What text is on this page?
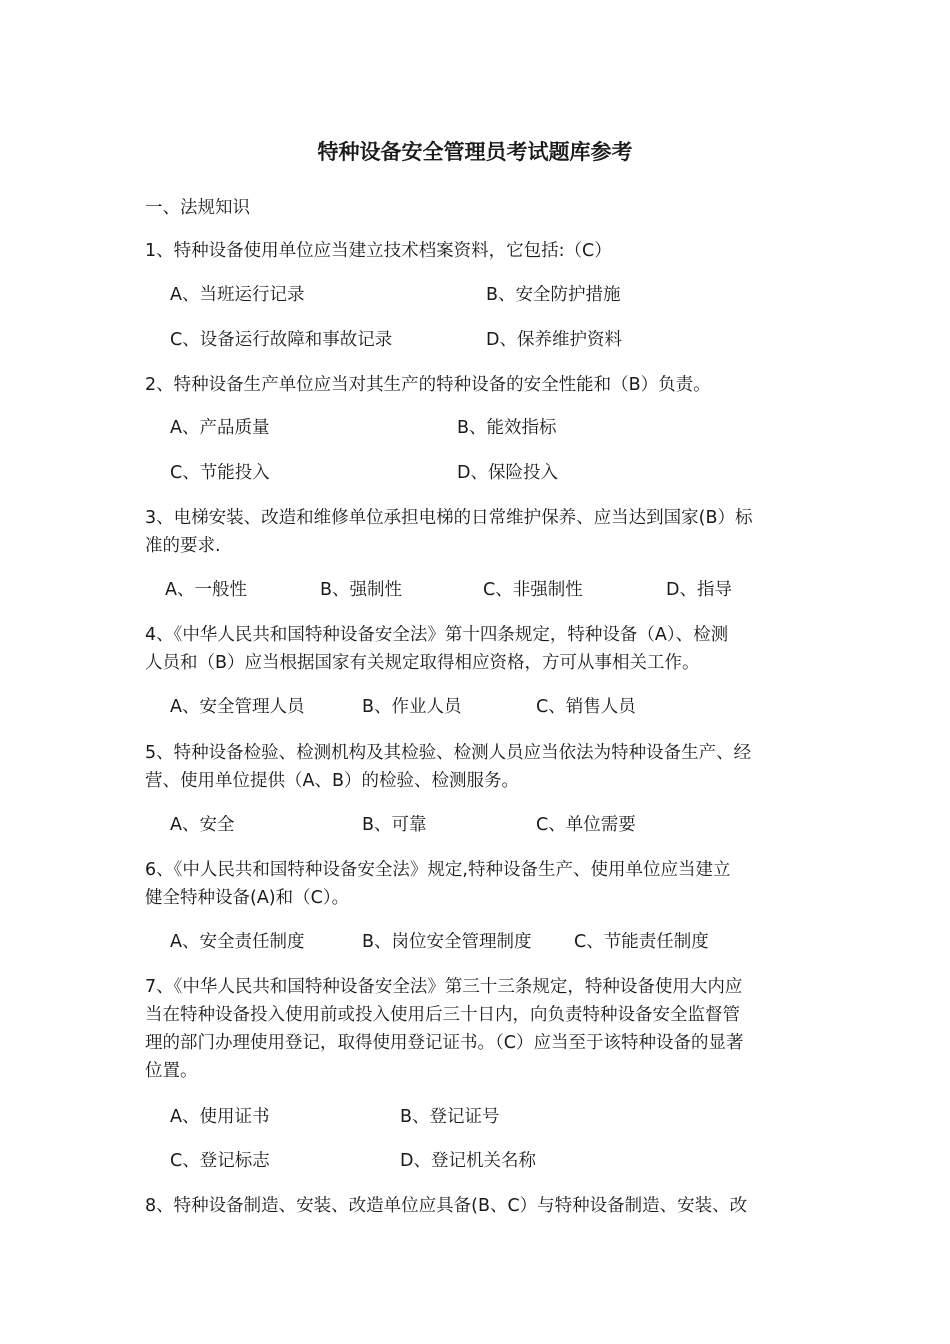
特种设备安全管理员考试题库参考

一、法规知识

1、特种设备使用单位应当建立技术档案资料，它包括:（C）

A、当班运行记录	B、安全防护措施
C、设备运行故障和事故记录	D、保养维护资料

2、特种设备生产单位应当对其生产的特种设备的安全性能和（B）负责。

A、产品质量	B、能效指标
C、节能投入	D、保险投入

3、电梯安装、改造和维修单位承担电梯的日常维护保养、应当达到国家(B）标

准的要求.

A、一般性	B、强制性	C、非强制性	D、指导

4、《中华人民共和国特种设备安全法》第十四条规定，特种设备（A）、检测

人员和（B）应当根据国家有关规定取得相应资格，方可从事相关工作。

A、安全管理人员	B、作业人员	C、销售人员

5、特种设备检验、检测机构及其检验、检测人员应当依法为特种设备生产、经

营、使用单位提供（A、B）的检验、检测服务。

A、安全	B、可靠	C、单位需要

6、《中人民共和国特种设备安全法》规定,特种设备生产、使用单位应当建立

健全特种设备(A)和（C）。

A、安全责任制度	B、岗位安全管理制度 C、节能责任制度

7、《中华人民共和国特种设备安全法》第三十三条规定，特种设备使用大内应

当在特种设备投入使用前或投入使用后三十日内，向负责特种设备安全监督管

理的部门办理使用登记，取得使用登记证书。（C）应当至于该特种设备的显著

位置。

A、使用证书	B、登记证号
C、登记标志	D、登记机关名称

8、特种设备制造、安装、改造单位应具备(B、C）与特种设备制造、安装、改
